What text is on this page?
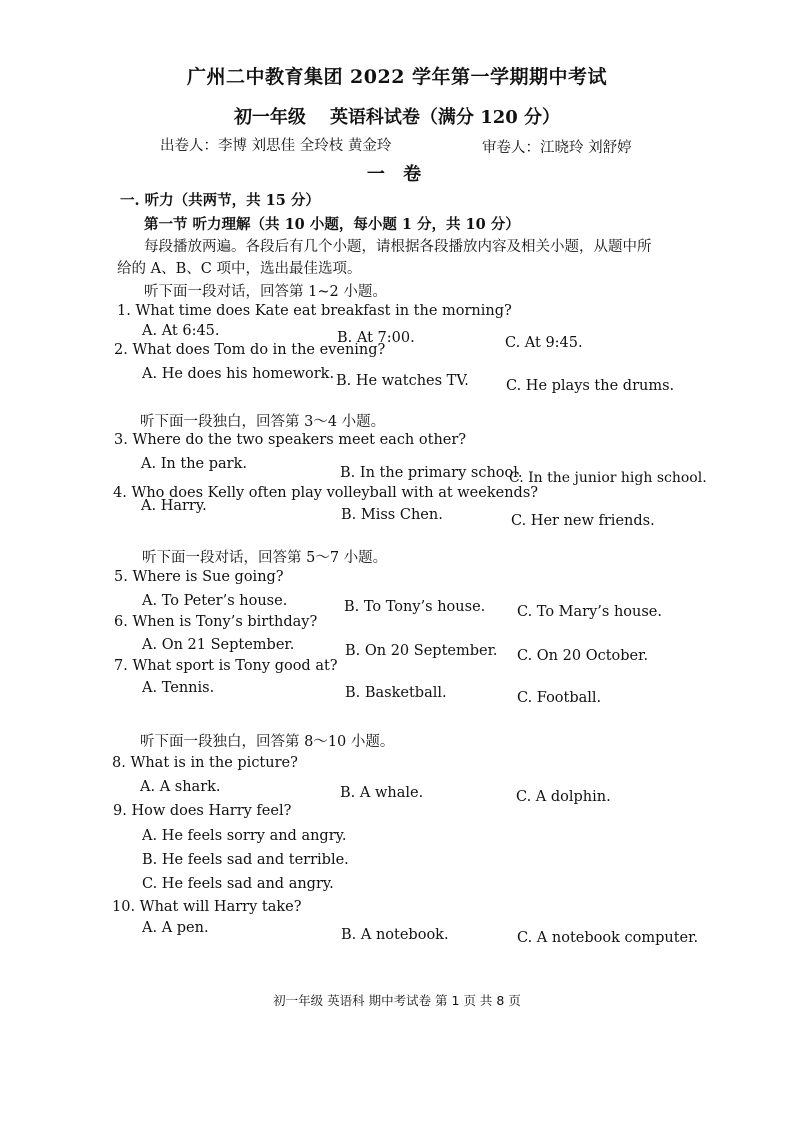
广州二中教育集团 2022 学年第一学期期中考试
初一年级 英语科试卷（满分 120 分）
出卷人：李博 刘思佳 全玲枝 黄金玲	审卷人：江晓玲 刘舒婷
一 卷
一. 听力（共两节，共 15 分）
第一节 听力理解（共 10 小题，每小题 1 分，共 10 分）
每段播放两遍。各段后有几个小题，请根据各段播放内容及相关小题，从题中所
给的 A、B、C 项中，选出最佳选项。
听下面一段对话，回答第 1~2 小题。
1. What time does Kate eat breakfast in the morning?
A. At 6:45.	B. At 7:00.	C. At 9:45.
2. What does Tom do in the evening?
A. He does his homework. B. He watches TV.	C. He plays the drums.
听下面一段独白，回答第 3～4 小题。
3. Where do the two speakers meet each other?
A. In the park.
B. In the primary school.
C. In the junior high school.
4. Who does Kelly often play volleyball with at weekends?
A. Harry.
B. Miss Chen.	C. Her new friends.
听下面一段对话，回答第 5～7 小题。
5. Where is Sue going?
A. To Peter’s house.	B. To Tony’s house. C. To Mary’s house.
6. When is Tony’s birthday?
A. On 21 September.	B. On 20 September. C. On 20 October.
7. What sport is Tony good at?
A. Tennis.	B. Basketball.	C. Football.
听下面一段独白，回答第 8～10 小题。
8. What is in the picture?
A. A shark.	B. A whale.	C. A dolphin.
9. How does Harry feel?
A. He feels sorry and angry.
B. He feels sad and terrible.
C. He feels sad and angry.
10. What will Harry take?
A. A pen.	B. A notebook.	C. A notebook computer.
初一年级 英语科 期中考试卷 第 1 页 共 8 页
